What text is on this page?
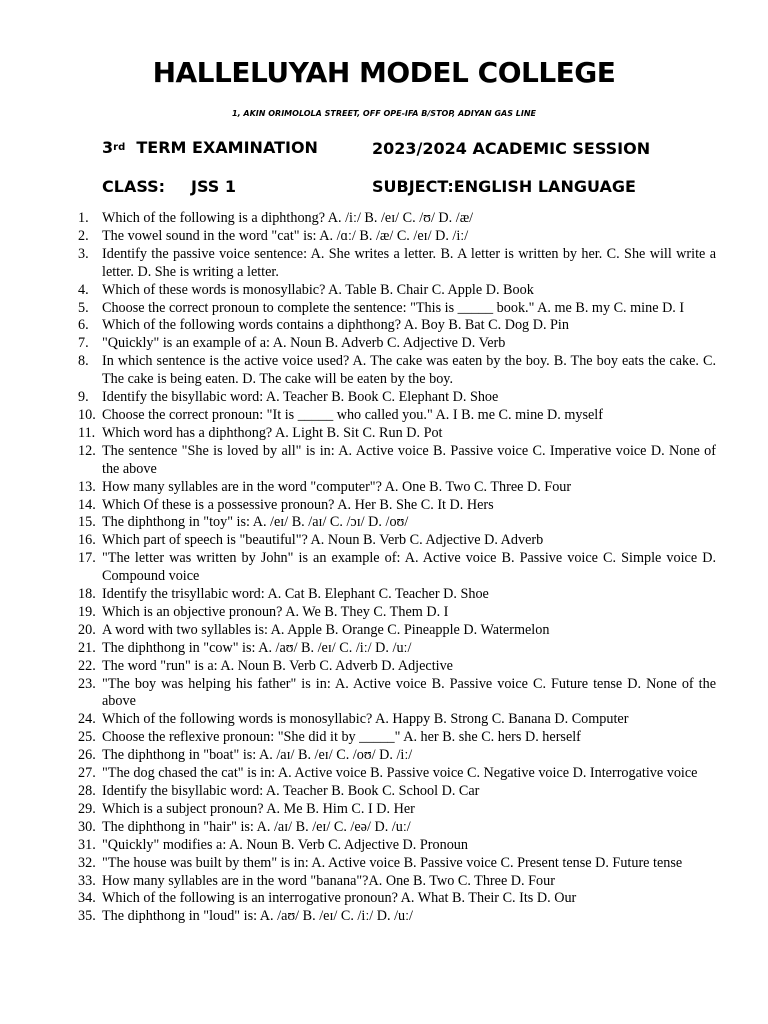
HALLELUYAH MODEL COLLEGE
1, AKIN ORIMOLOLA STREET, OFF OPE-IFA B/STOP, ADIYAN GAS LINE
3rd TERM EXAMINATION	2023/2024 ACADEMIC SESSION
CLASS: JSS 1	SUBJECT:ENGLISH LANGUAGE
1. Which of the following is a diphthong? A. /iː/ B. /eɪ/ C. /ʊ/ D. /æ/
2. The vowel sound in the word "cat" is: A. /ɑː/ B. /æ/ C. /eɪ/ D. /iː/
3. Identify the passive voice sentence: A. She writes a letter. B. A letter is written by her. C. She will write a letter. D. She is writing a letter.
4. Which of these words is monosyllabic? A. Table B. Chair C. Apple D. Book
5. Choose the correct pronoun to complete the sentence: "This is _____ book." A. me B. my C. mine D. I
6. Which of the following words contains a diphthong? A. Boy B. Bat C. Dog D. Pin
7. "Quickly" is an example of a: A. Noun B. Adverb C. Adjective D. Verb
8. In which sentence is the active voice used? A. The cake was eaten by the boy. B. The boy eats the cake. C. The cake is being eaten. D. The cake will be eaten by the boy.
9. Identify the bisyllabic word: A. Teacher B. Book C. Elephant D. Shoe
10. Choose the correct pronoun: "It is _____ who called you." A. I B. me C. mine D. myself
11. Which word has a diphthong? A. Light B. Sit C. Run D. Pot
12. The sentence "She is loved by all" is in: A. Active voice B. Passive voice C. Imperative voice D. None of the above
13. How many syllables are in the word "computer"? A. One B. Two C. Three D. Four
14. Which Of these is a possessive pronoun? A. Her B. She C. It D. Hers
15. The diphthong in "toy" is: A. /eɪ/ B. /aɪ/ C. /ɔɪ/ D. /oʊ/
16. Which part of speech is "beautiful"? A. Noun B. Verb C. Adjective D. Adverb
17. "The letter was written by John" is an example of: A. Active voice B. Passive voice C. Simple voice D. Compound voice
18. Identify the trisyllabic word: A. Cat B. Elephant C. Teacher D. Shoe
19. Which is an objective pronoun? A. We B. They C. Them D. I
20. A word with two syllables is: A. Apple B. Orange C. Pineapple D. Watermelon
21. The diphthong in "cow" is: A. /aʊ/ B. /eɪ/ C. /iː/ D. /uː/
22. The word "run" is a: A. Noun B. Verb C. Adverb D. Adjective
23. "The boy was helping his father" is in: A. Active voice B. Passive voice C. Future tense D. None of the above
24. Which of the following words is monosyllabic? A. Happy B. Strong C. Banana D. Computer
25. Choose the reflexive pronoun: "She did it by _____" A. her B. she C. hers D. herself
26. The diphthong in "boat" is: A. /aɪ/ B. /eɪ/ C. /oʊ/ D. /iː/
27. "The dog chased the cat" is in: A. Active voice B. Passive voice C. Negative voice D. Interrogative voice
28. Identify the bisyllabic word: A. Teacher B. Book C. School D. Car
29. Which is a subject pronoun? A. Me B. Him C. I D. Her
30. The diphthong in "hair" is: A. /aɪ/ B. /eɪ/ C. /eə/ D. /uː/
31. "Quickly" modifies a: A. Noun B. Verb C. Adjective D. Pronoun
32. "The house was built by them" is in: A. Active voice B. Passive voice C. Present tense D. Future tense
33. How many syllables are in the word "banana"?A. One B. Two C. Three D. Four
34. Which of the following is an interrogative pronoun? A. What B. Their C. Its D. Our
35. The diphthong in "loud" is: A. /aʊ/ B. /eɪ/ C. /iː/ D. /uː/
